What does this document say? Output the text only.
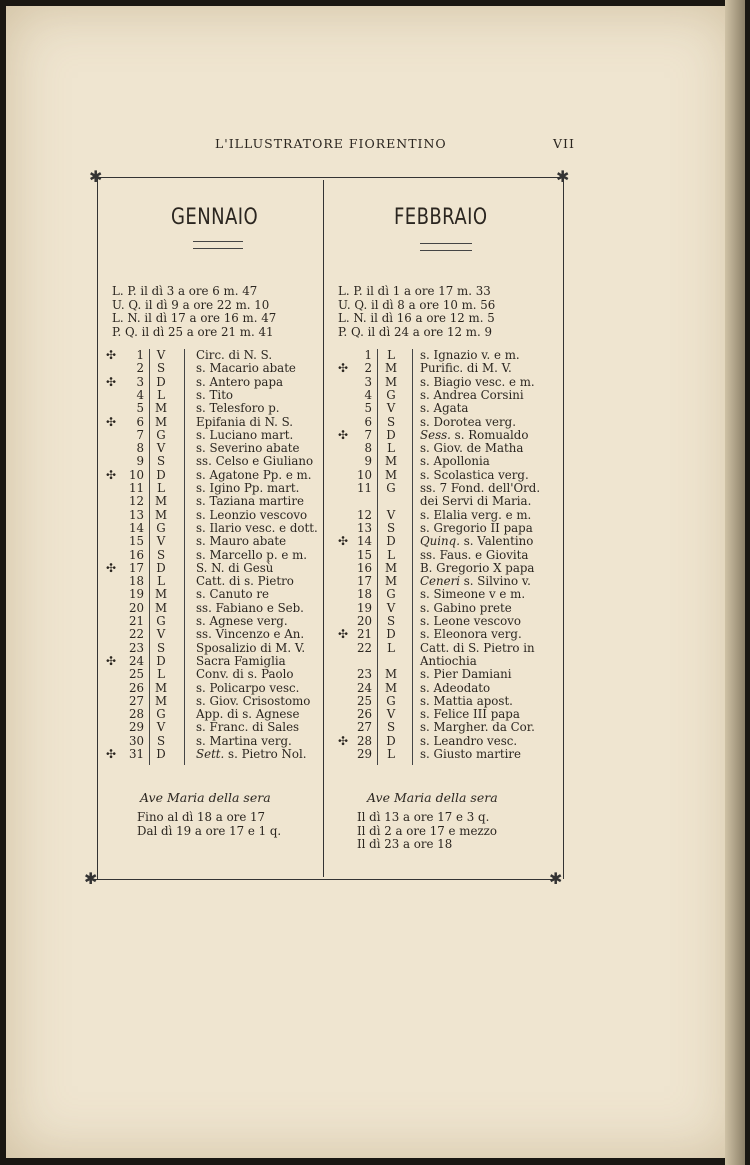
L'ILLUSTRATORE FIORENTINO	VII
✱	✱
✱	✱
GENNAIO	FEBBRAIO
L. P. il dì 3 a ore 6 m. 47
U. Q. il dì 9 a ore 22 m. 10
L. N. il dì 17 a ore 16 m. 47
P. Q. il dì 25 a ore 21 m. 41
L. P. il dì 1 a ore 17 m. 33
U. Q. il dì 8 a ore 10 m. 56
L. N. il dì 16 a ore 12 m. 5
P. Q. il dì 24 a ore 12 m. 9
✣	1 V	Circ. di N. S.
2 S	s. Macario abate
✣	3 D	s. Antero papa
4 L	s. Tito
5 M s. Telesforo p.
✣	6 M Epifania di N. S.
7 G	s. Luciano mart.
8 V	s. Severino abate
9 S	ss. Celso e Giuliano
✣	10 D	s. Agatone Pp. e m.
11 L	s. Igino Pp. mart.
12 M s. Taziana martire
13 M s. Leonzio vescovo
14 G	s. Ilario vesc. e dott.
15 V	s. Mauro abate
16 S	s. Marcello p. e m.
✣	17 D	S. N. di Gesù
18 L	Catt. di s. Pietro
19 M s. Canuto re
20 M ss. Fabiano e Seb.
21 G	s. Agnese verg.
22 V	ss. Vincenzo e An.
23 S	Sposalizio di M. V.
✣	24 D	Sacra Famiglia
25 L	Conv. di s. Paolo
26 M s. Policarpo vesc.
27 M s. Giov. Crisostomo
28 G	App. di s. Agnese
29 V	s. Franc. di Sales
30 S	s. Martina verg.
✣	31 D	Sett. s. Pietro Nol.
1 L s. Ignazio v. e m.
✣	2 M Purific. di M. V.
3 M s. Biagio vesc. e m.
4 G s. Andrea Corsini
5 V s. Agata
6 S s. Dorotea verg.
✣	7 D Sess. s. Romualdo
8 L s. Giov. de Matha
9 M s. Apollonia
10 M s. Scolastica verg.
11 G ss. 7 Fond. dell'Ord.
dei Servi di Maria.
12 V s. Elalia verg. e m.
13 S s. Gregorio II papa
✣ 14 D Quinq. s. Valentino
15 L ss. Faus. e Giovita
16 M B. Gregorio X papa
17 M Ceneri s. Silvino v.
18 G s. Simeone v e m.
19 V s. Gabino prete
20 S s. Leone vescovo
✣ 21 D s. Eleonora verg.
22 L Catt. di S. Pietro in
Antiochia
23 M s. Pier Damiani
24 M s. Adeodato
25 G s. Mattia apost.
26 V s. Felice III papa
27 S s. Margher. da Cor.
✣ 28 D s. Leandro vesc.
29 L s. Giusto martire
Ave Maria della sera
Fino al dì 18 a ore 17
Dal dì 19 a ore 17 e 1 q.
Ave Maria della sera
Il dì 13 a ore 17 e 3 q.
Il dì 2 a ore 17 e mezzo
Il dì 23 a ore 18
